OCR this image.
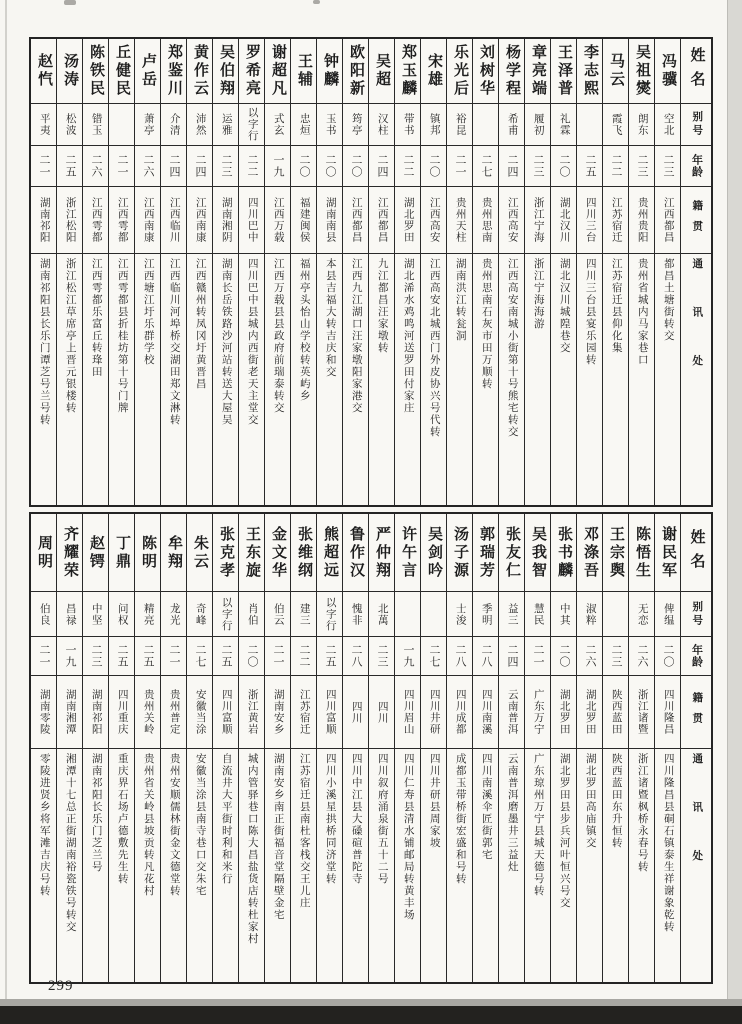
姓名
别号
年龄
籍贯
通讯处
冯骥
空北
二三
江西都昌
都昌土塘街转交
吴祖爕
朗东
二三
贵州贵阳
贵州省城内马家巷口
马云
霞飞
二二
江苏宿迁
江苏宿迁县仰化集
李志熙
二五
四川三台
四川三台县宴乐园转
王泽普
礼霖
二〇
湖北汉川
湖北汉川城隍巷交
章亮端
履初
二三
浙江宁海
浙江宁海海游
杨学程
希甫
二四
江西高安
江西高安南城小街第十号熊宅转交
刘树华
二七
贵州思南
贵州思南石灰市田万顺转
乐光后
裕昆
二一
贵州天柱
湖南洪江转瓮洞
宋雄
镇邦
二〇
江西高安
江西高安北城西门外皮协兴号代转
郑玉麟
带书
二二
湖北罗田
湖北浠水鸡鸣河送罗田付家庄
吴超
汉柱
二四
江西都昌
九江都昌汪家墩转
欧阳新
筠亭
二〇
江西都昌
江西九江湖口汪家墩阳家港交
钟麟
玉书
二〇
湖南南县
本县吉福大转吉庆和交
王辅
忠烜
二〇
福建闽侯
福州亭头怡山学校转英屿乡
谢超凡
式玄
一九
江西万载
江西万载县县政府前瑞泰转交
罗希亮
以字行
二二
四川巴中
四川巴中县城内西街老天主堂交
吴伯翔
运雅
二三
湖南湘阴
湖南长岳铁路沙河站转送大屋吴
黄作云
沛然
二四
江西南康
江西赣州转凤冈圩黄晋昌
郑鉴川
介清
二四
江西临川
江西临川河埠桥交湖田郑文淋转
卢岳
萧亭
二六
江西南康
江西塘江圩乐群学校
丘健民
二一
江西雩都
江西雩都县折桂坊第十号门牌
陈铁民
错玉
二六
江西雩都
江西雩都乐富丘转琒田
汤涛
松波
二五
浙江松阳
浙江松江草席亭上晋元银楼转
赵忾
平夷
二一
湖南祁阳
湖南祁阳县长乐门谭芝号兰号转
姓名
别号
年龄
籍贯
通讯处
谢民军
俾缊
二〇
四川隆昌
四川隆昌县硐石镇泰生祥谢象乾转
陈悟生
无恋
二六
浙江诸暨
浙江诸暨枫桥永春号转
王宗舆
二三
陕西蓝田
陕西蓝田东升恒转
邓涤吾
淑粹
二六
湖北罗田
湖北罗田高庙镇交
张书麟
中其
二〇
湖北罗田
湖北罗田县步兵河叶恒兴号交
吴我智
慧民
二一
广东万宁
广东琼州万宁县城天德号转
张友仁
益三
二四
云南普洱
云南普洱磨墨井三益灶
郭瑞芳
季明
二八
四川南溪
四川南溪伞匠街郭宅
汤子源
士浚
二八
四川成都
成都玉带桥街宏盛和号转
吴剑吟
二七
四川井研
四川井研县周家坡
许午言
一九
四川眉山
四川仁寿县清水铺邮局转黄丰场
严仲翔
北萬
二三
四川
四川叙府涌泉街五十二号
鲁作汉
愧非
二八
四川
四川中江县大磉碹普陀寺
熊超远
以字行
二五
四川富顺
四川小溪星拱桥同济堂转
张维纲
建三
二二
江苏宿迁
江苏宿迁县南杜客栈交王儿庄
金文华
伯云
二一
湖南安乡
湖南安乡南正街福音堂隔壁金宅
王东旋
肖伯
二〇
浙江黄岩
城内管驿巷口陈大昌盐货店转杜家村
张克孝
以字行
二五
四川富顺
自流井大平街时利和米行
朱云
奇峰
二七
安徽当涂
安徽当涂县南寺巷口交朱宅
牟翔
龙光
二一
贵州普定
贵州安顺儒林街金文德堂转
陈明
精亮
二五
贵州关岭
贵州省关岭县坡贡转凡花村
丁鼎
问权
二五
四川重庆
重庆界石场卢德敷先生转
赵锷
中坚
二三
湖南祁阳
湖南祁阳长乐门芝兰号
齐耀荣
昌禄
一九
湖南湘潭
湘潭十七总正街湖南裕瓷铁号转交
周明
伯良
二一
湖南零陵
零陵进贤乡将军滩吉庆号转
299
